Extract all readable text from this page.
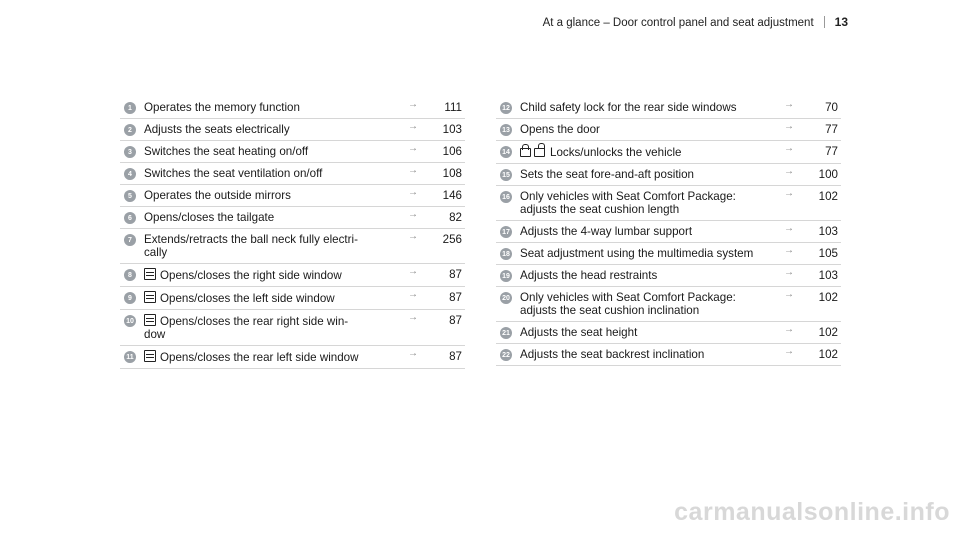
At a glance – Door control panel and seat adjustment 13
1	Operates the memory function	→	111
2	Adjusts the seats electrically	→	103
3	Switches the seat heating on/off	→	106
4	Switches the seat ventilation on/off	→	108
5	Operates the outside mirrors	→	146
6	Opens/closes the tailgate	→	82
7	Extends/retracts the ball neck fully electri-
cally
→	256
8	Opens/closes the right side window	→	87
9	Opens/closes the left side window	→	87
10	Opens/closes the rear right side win-
dow
→	87
11	Opens/closes the rear left side window	→	87
12 Child safety lock for the rear side windows	→	70
13 Opens the door	→	77
14	Locks/unlocks the vehicle	→	77
15 Sets the seat fore-and-aft position	→	100
16 Only vehicles with Seat Comfort Package:
adjusts the seat cushion length
→	102
17 Adjusts the 4-way lumbar support	→	103
18 Seat adjustment using the multimedia system	→	105
19 Adjusts the head restraints	→	103
20 Only vehicles with Seat Comfort Package:
adjusts the seat cushion inclination
→	102
21 Adjusts the seat height	→	102
22 Adjusts the seat backrest inclination	→	102
carmanualsonline.info
